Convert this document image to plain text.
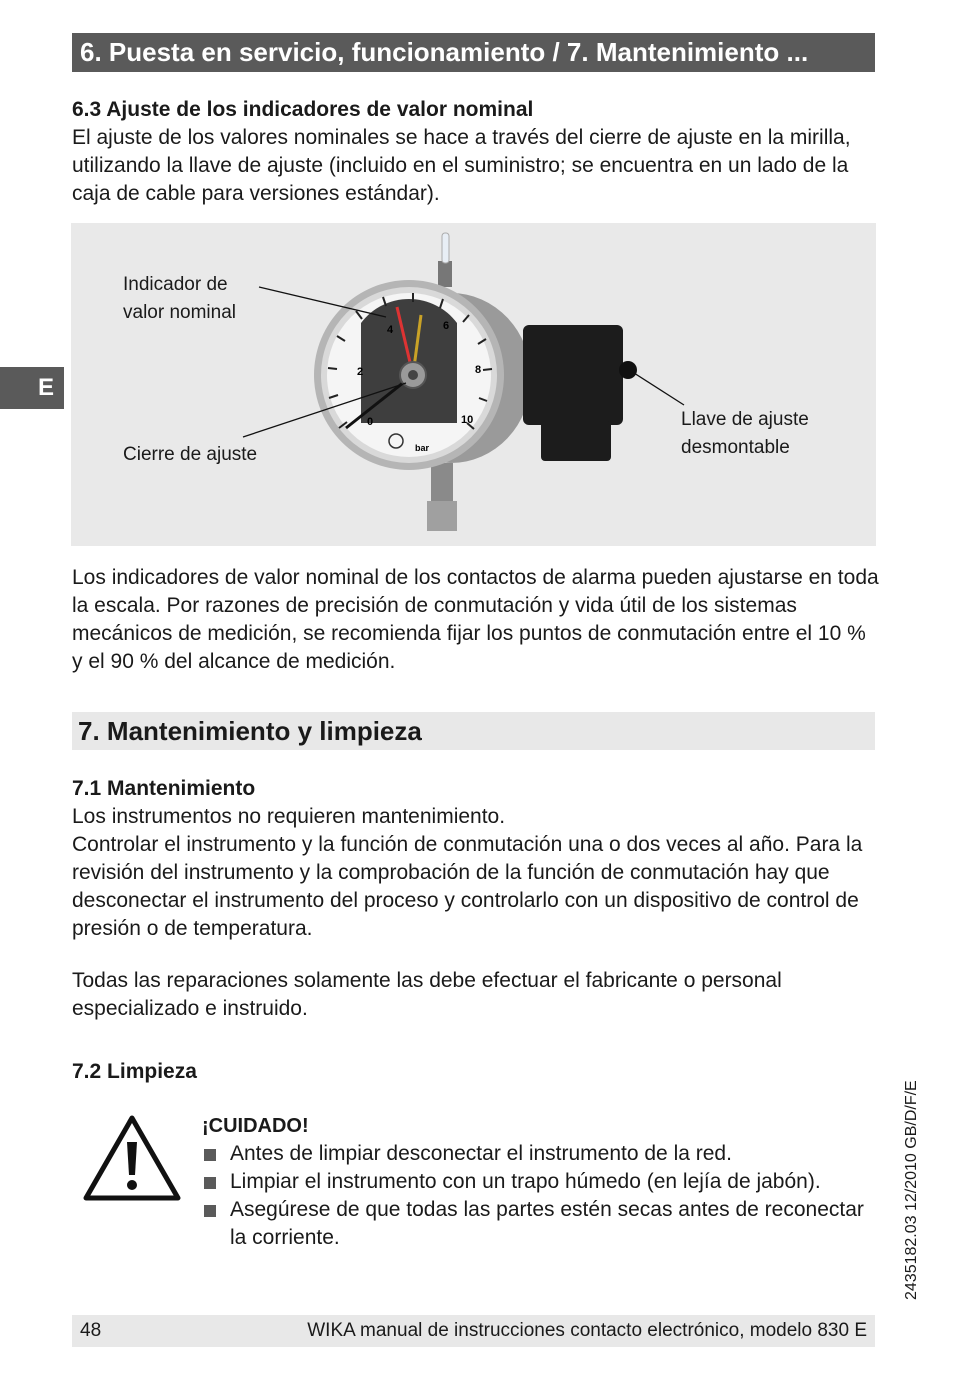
6. Puesta en servicio, funcionamiento / 7. Mantenimiento ...
E
6.3 Ajuste de los indicadores de valor nominal
El ajuste de los valores nominales se hace a través del cierre de ajuste en la mirilla, utilizando la llave de ajuste (incluido en el suministro; se encuentra en un lado de la caja de cable para versiones estándar).
0
2
4	6
8
10
bar
Indicador de
valor nominal
Cierre de ajuste
Llave de ajuste
desmontable
Los indicadores de valor nominal de los contactos de alarma pueden ajustarse en toda la escala. Por razones de precisión de conmutación y vida útil de los sistemas mecánicos de medición, se recomienda fijar los puntos de conmutación entre el 10 % y el 90 % del alcance de medición.
7. Mantenimiento y limpieza
7.1 Mantenimiento
Los instrumentos no requieren mantenimiento.
Controlar el instrumento y la función de conmutación una o dos veces al año. Para la revisión del instrumento y la comprobación de la función de conmutación hay que desconectar el instrumento del proceso y controlarlo con un dispositivo de control de presión o de temperatura.
Todas las reparaciones solamente las debe efectuar el fabricante o personal especializado e instruido.
7.2 Limpieza
¡CUIDADO!
Antes de limpiar desconectar el instrumento de la red.
Limpiar el instrumento con un trapo húmedo (en lejía de jabón).
Asegúrese de que todas las partes estén secas antes de reconectar la corriente.	2435182.03 12/2010 GB/D/F/E
48	WIKA manual de instrucciones contacto electrónico, modelo 830 E
